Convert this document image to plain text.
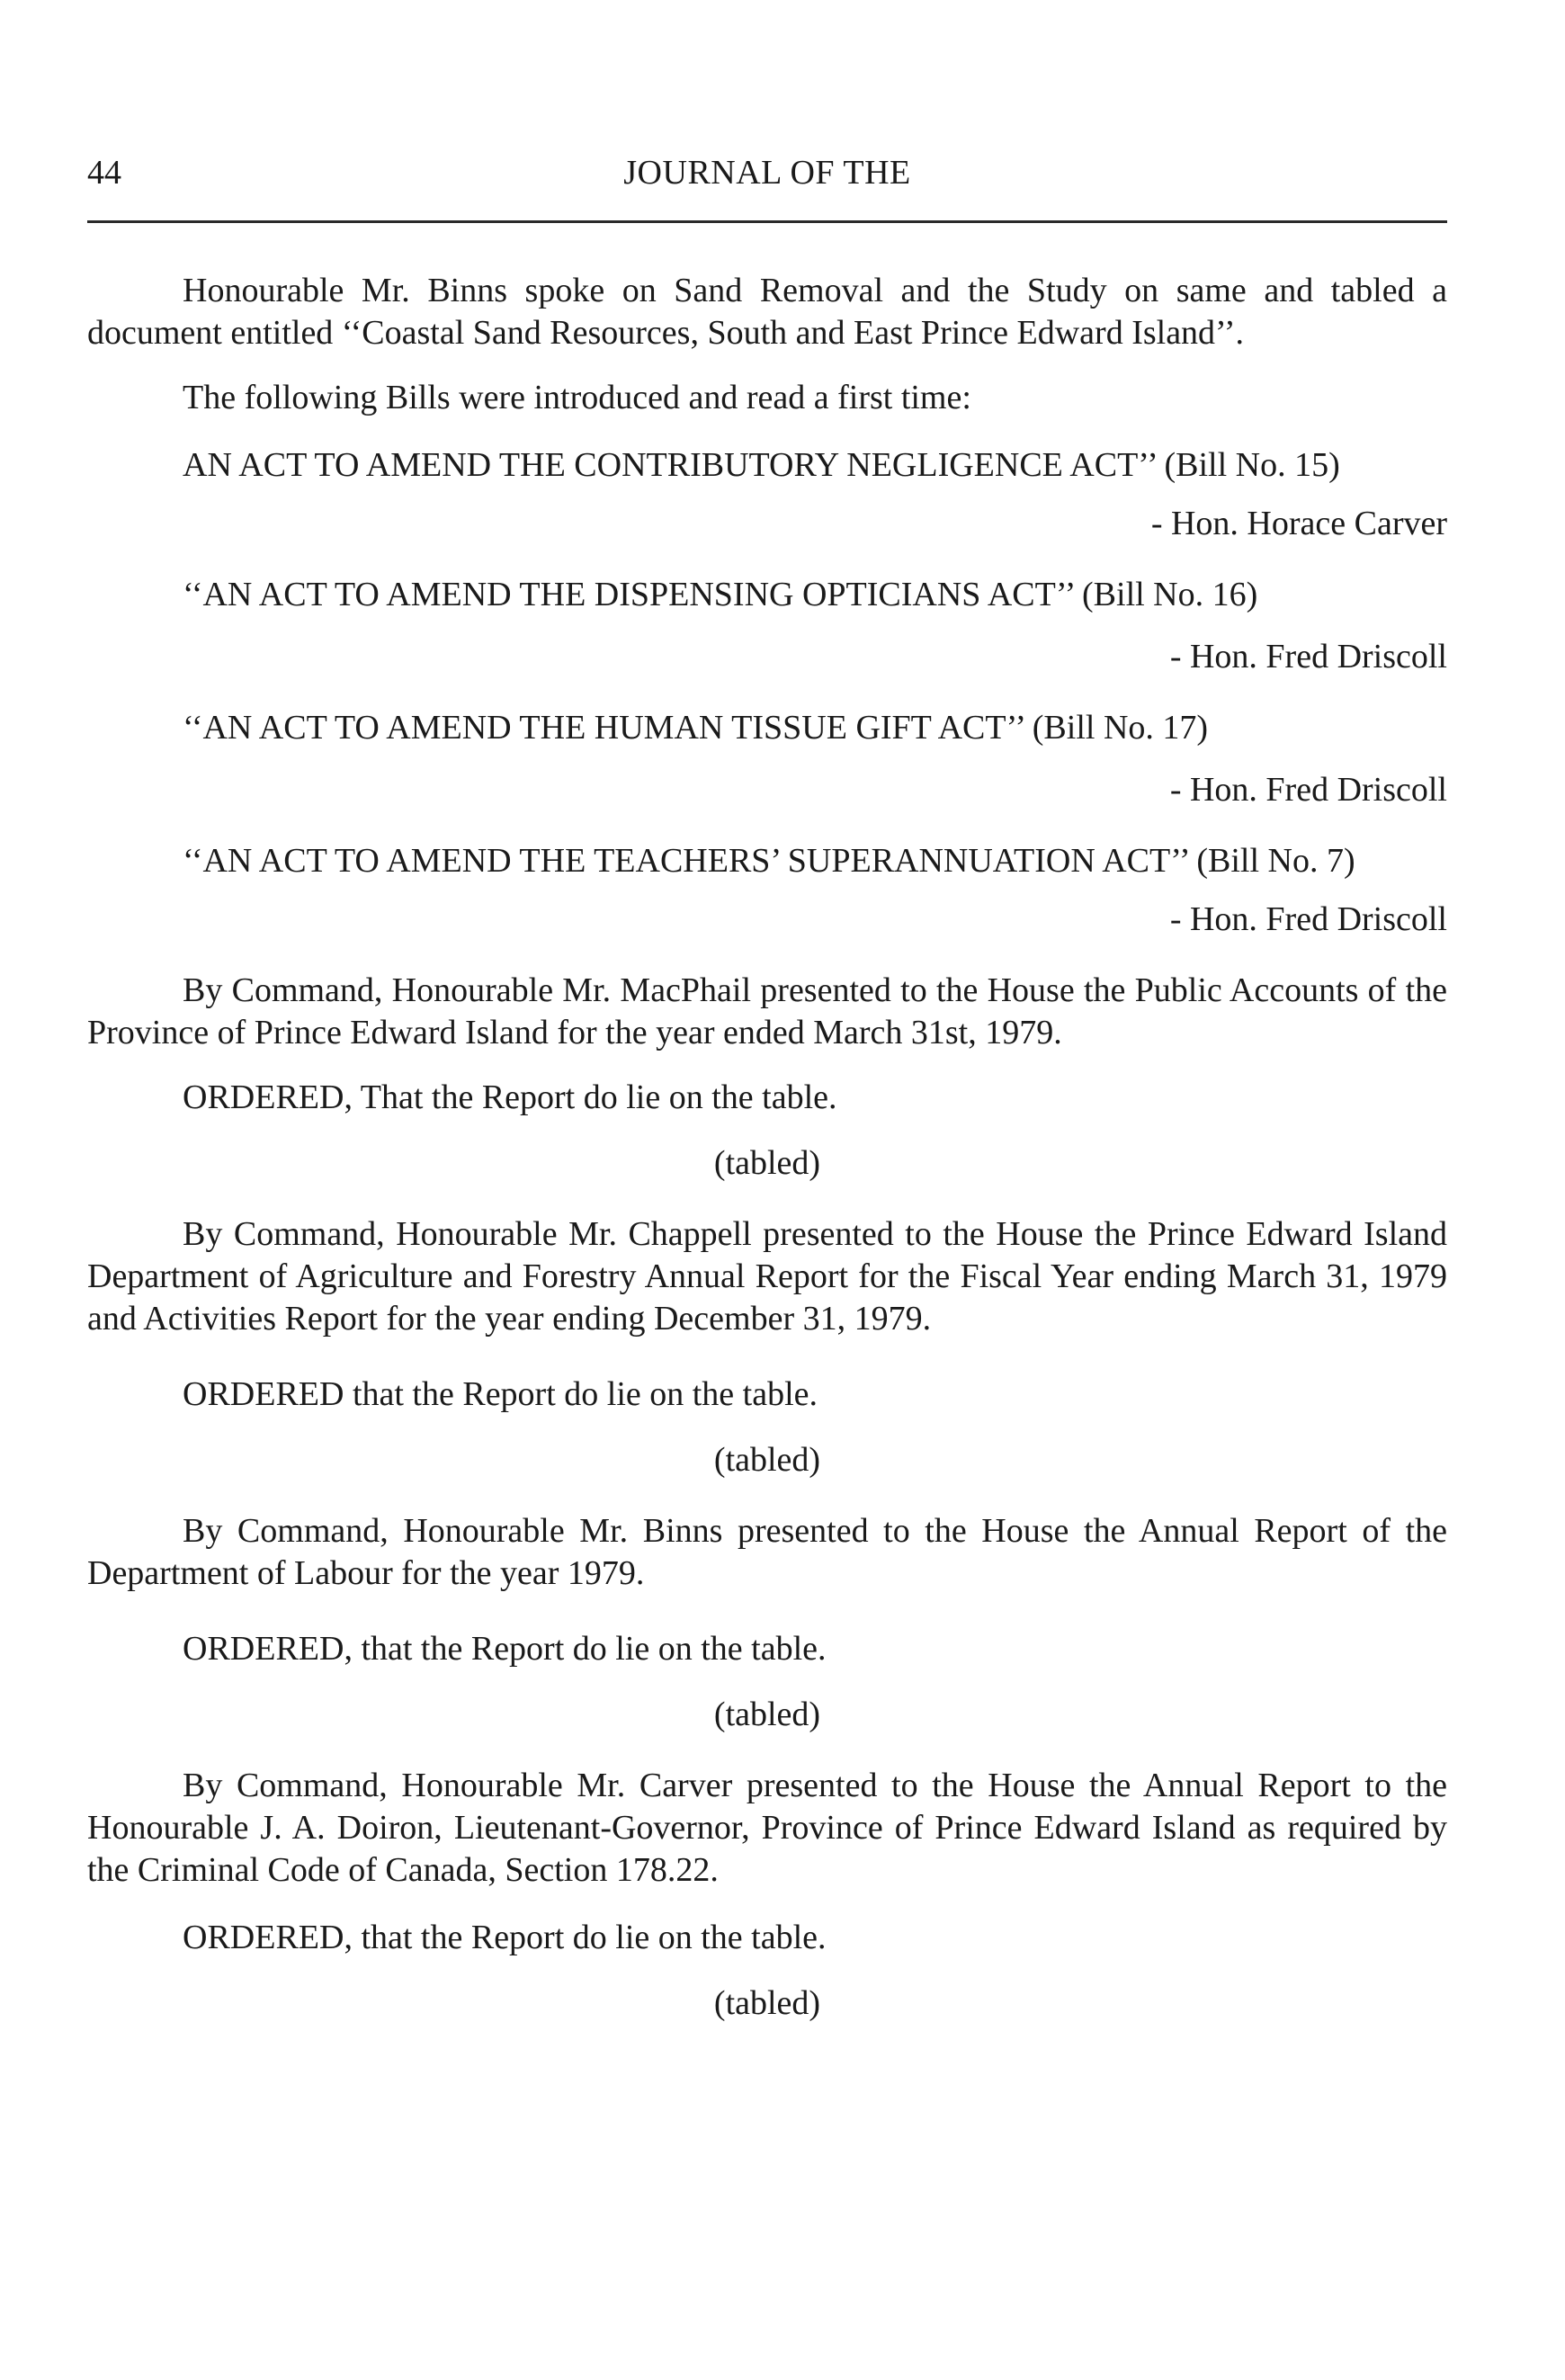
44	JOURNAL OF THE

Honourable Mr. Binns spoke on Sand Removal and the Study on same and tabled a document entitled ‘‘Coastal Sand Resources, South and East Prince Edward Island’’.

The following Bills were introduced and read a first time:

AN ACT TO AMEND THE CONTRIBUTORY NEGLIGENCE ACT’’ (Bill No. 15)

- Hon. Horace Carver

‘‘AN ACT TO AMEND THE DISPENSING OPTICIANS ACT’’ (Bill No. 16)

- Hon. Fred Driscoll

‘‘AN ACT TO AMEND THE HUMAN TISSUE GIFT ACT’’ (Bill No. 17)

- Hon. Fred Driscoll

‘‘AN ACT TO AMEND THE TEACHERS’ SUPERANNUATION ACT’’ (Bill No. 7)

- Hon. Fred Driscoll

By Command, Honourable Mr. MacPhail presented to the House the Public Accounts of the Province of Prince Edward Island for the year ended March 31st, 1979.

ORDERED, That the Report do lie on the table.

(tabled)

By Command, Honourable Mr. Chappell presented to the House the Prince Edward Island Department of Agriculture and Forestry Annual Report for the Fiscal Year ending March 31, 1979 and Activities Report for the year ending December 31, 1979.

ORDERED that the Report do lie on the table.

(tabled)

By Command, Honourable Mr. Binns presented to the House the Annual Report of the Department of Labour for the year 1979.

ORDERED, that the Report do lie on the table.

(tabled)

By Command, Honourable Mr. Carver presented to the House the Annual Report to the Honourable J. A. Doiron, Lieutenant-Governor, Province of Prince Edward Island as required by the Criminal Code of Canada, Section 178.22.

ORDERED, that the Report do lie on the table.

(tabled)
